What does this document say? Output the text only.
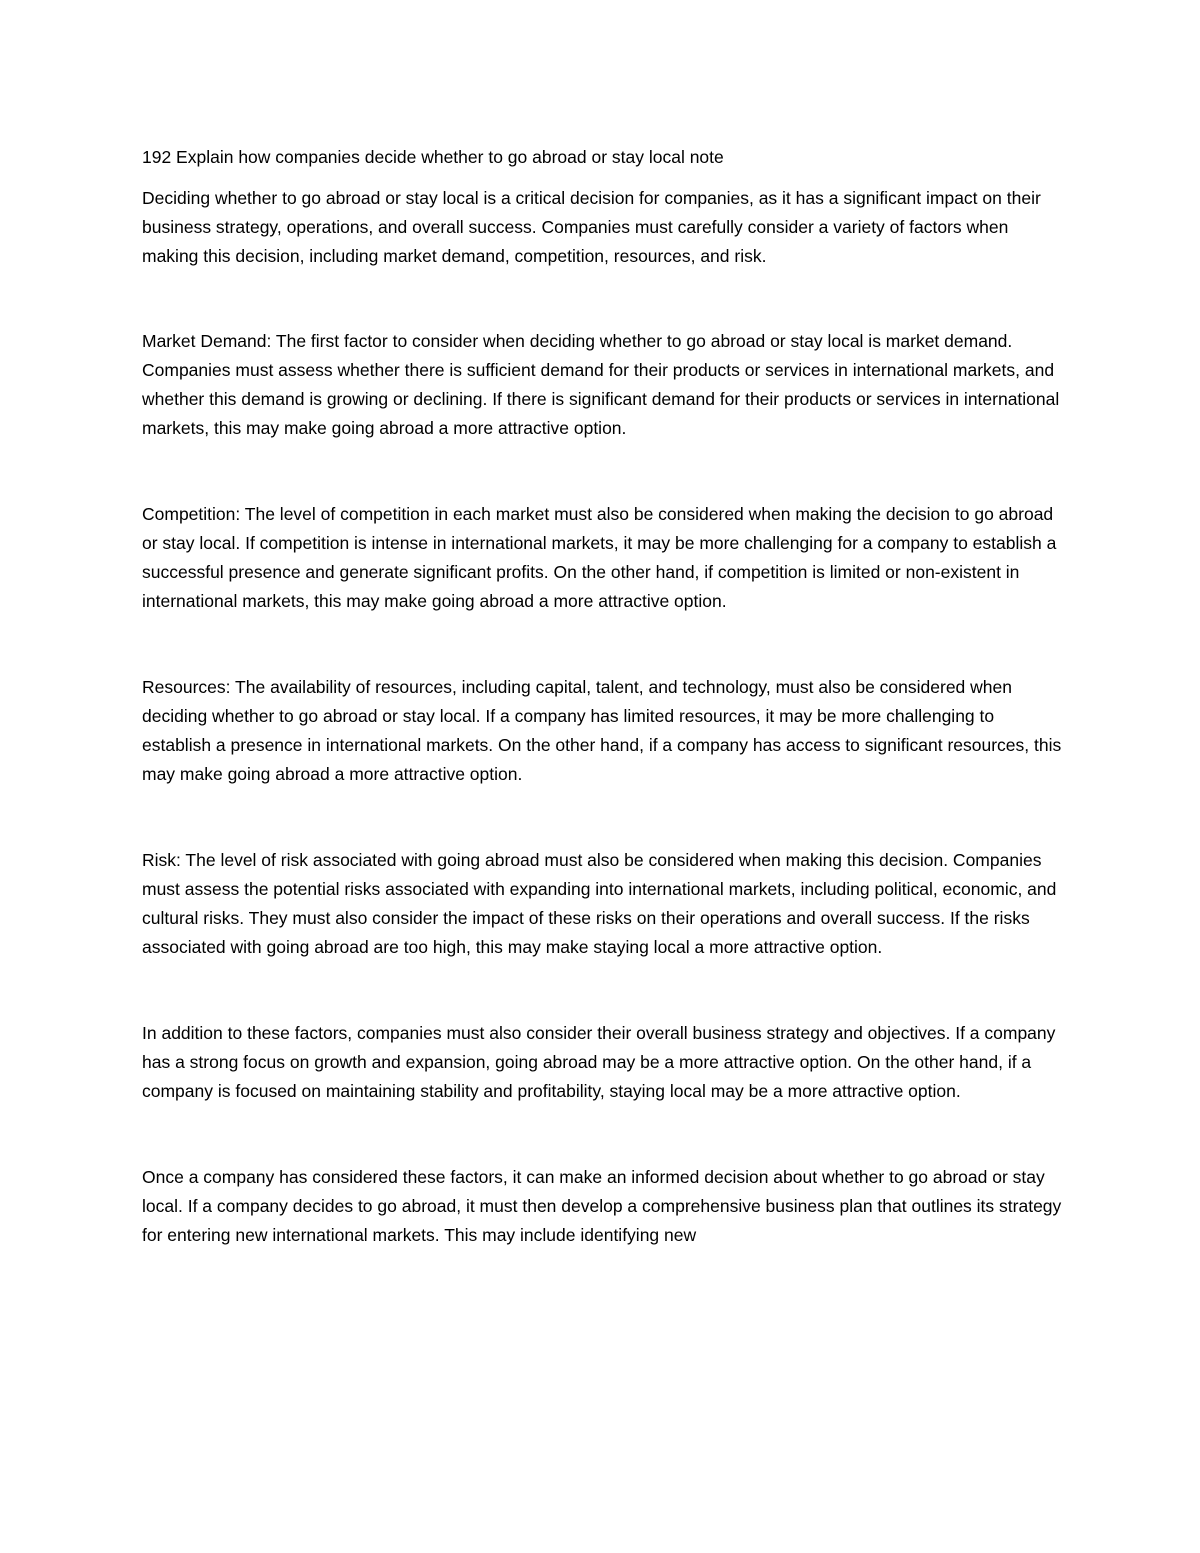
192 Explain how companies decide whether to go abroad or stay local note

Deciding whether to go abroad or stay local is a critical decision for companies, as it has a significant impact on their business strategy, operations, and overall success. Companies must carefully consider a variety of factors when making this decision, including market demand, competition, resources, and risk.

Market Demand: The first factor to consider when deciding whether to go abroad or stay local is market demand. Companies must assess whether there is sufficient demand for their products or services in international markets, and whether this demand is growing or declining. If there is significant demand for their products or services in international markets, this may make going abroad a more attractive option.

Competition: The level of competition in each market must also be considered when making the decision to go abroad or stay local. If competition is intense in international markets, it may be more challenging for a company to establish a successful presence and generate significant profits. On the other hand, if competition is limited or non-existent in international markets, this may make going abroad a more attractive option.

Resources: The availability of resources, including capital, talent, and technology, must also be considered when deciding whether to go abroad or stay local. If a company has limited resources, it may be more challenging to establish a presence in international markets. On the other hand, if a company has access to significant resources, this may make going abroad a more attractive option.

Risk: The level of risk associated with going abroad must also be considered when making this decision. Companies must assess the potential risks associated with expanding into international markets, including political, economic, and cultural risks. They must also consider the impact of these risks on their operations and overall success. If the risks associated with going abroad are too high, this may make staying local a more attractive option.

In addition to these factors, companies must also consider their overall business strategy and objectives. If a company has a strong focus on growth and expansion, going abroad may be a more attractive option. On the other hand, if a company is focused on maintaining stability and profitability, staying local may be a more attractive option.

Once a company has considered these factors, it can make an informed decision about whether to go abroad or stay local. If a company decides to go abroad, it must then develop a comprehensive business plan that outlines its strategy for entering new international markets. This may include identifying new
